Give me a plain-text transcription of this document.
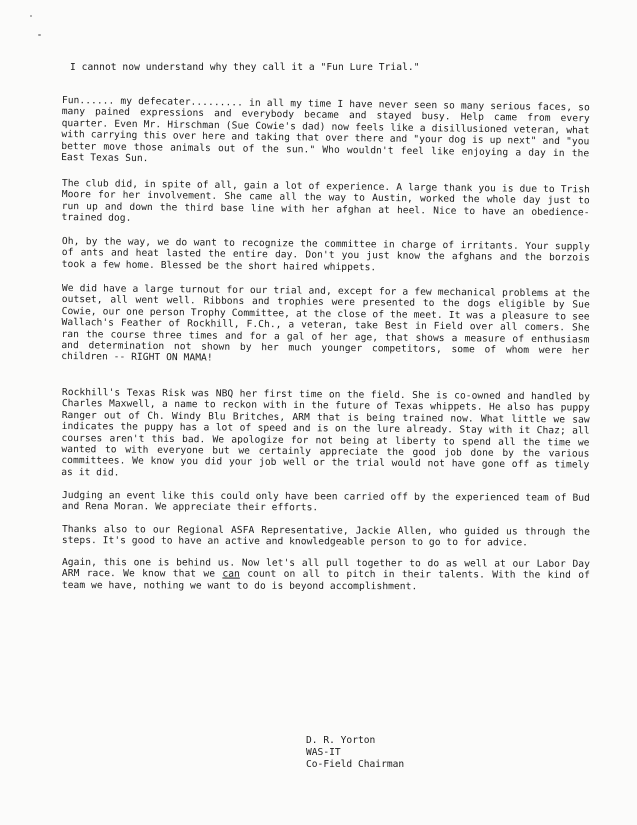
I cannot now understand why they call it a "Fun Lure Trial."

Fun...... my defecater......... in all my time I have never seen so many serious faces, so many pained expressions and everybody became and stayed busy. Help came from every quarter. Even Mr. Hirschman (Sue Cowie's dad) now feels like a disillusioned veteran, what with carrying this over here and taking that over there and "your dog is up next" and "you better move those animals out of the sun." Who wouldn't feel like enjoying a day in the East Texas Sun.

The club did, in spite of all, gain a lot of experience. A large thank you is due to Trish Moore for her involvement. She came all the way to Austin, worked the whole day just to run up and down the third base line with her afghan at heel. Nice to have an obedience-trained dog.

Oh, by the way, we do want to recognize the committee in charge of irritants. Your supply of ants and heat lasted the entire day. Don't you just know the afghans and the borzois took a few home. Blessed be the short haired whippets.

We did have a large turnout for our trial and, except for a few mechanical problems at the outset, all went well. Ribbons and trophies were presented to the dogs eligible by Sue Cowie, our one person Trophy Committee, at the close of the meet. It was a pleasure to see Wallach's Feather of Rockhill, F.Ch., a veteran, take Best in Field over all comers. She ran the course three times and for a gal of her age, that shows a measure of enthusiasm and determination not shown by her much younger competitors, some of whom were her children -- RIGHT ON MAMA!

Rockhill's Texas Risk was NBQ her first time on the field. She is co-owned and handled by Charles Maxwell, a name to reckon with in the future of Texas whippets. He also has puppy Ranger out of Ch. Windy Blu Britches, ARM that is being trained now. What little we saw indicates the puppy has a lot of speed and is on the lure already. Stay with it Chaz; all courses aren't this bad. We apologize for not being at liberty to spend all the time we wanted to with everyone but we certainly appreciate the good job done by the various committees. We know you did your job well or the trial would not have gone off as timely as it did.

Judging an event like this could only have been carried off by the experienced team of Bud and Rena Moran. We appreciate their efforts.

Thanks also to our Regional ASFA Representative, Jackie Allen, who guided us through the steps. It's good to have an active and knowledgeable person to go to for advice.

Again, this one is behind us. Now let's all pull together to do as well at our Labor Day ARM race. We know that we can count on all to pitch in their talents. With the kind of team we have, nothing we want to do is beyond accomplishment.

D. R. Yorton
WAS-IT
Co-Field Chairman
